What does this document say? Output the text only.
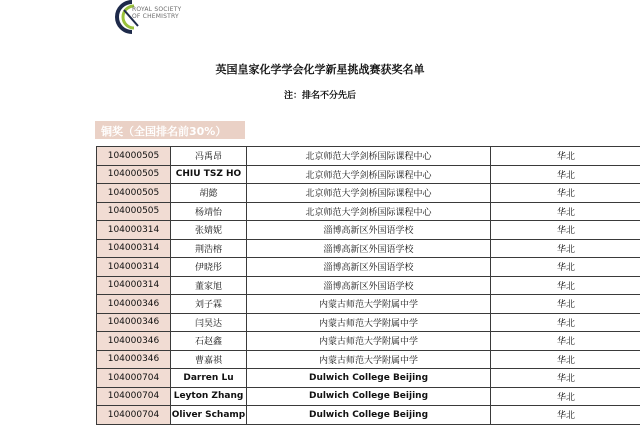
ROYAL SOCIETY
OF CHEMISTRY
英国皇家化学学会化学新星挑战赛获奖名单
注：排名不分先后
铜奖（全国排名前30%）
104000505	冯禹昂	北京师范大学剑桥国际课程中心	华北
104000505	CHIU TSZ HO	北京师范大学剑桥国际课程中心	华北
104000505	胡懿	北京师范大学剑桥国际课程中心	华北
104000505	杨靖怡	北京师范大学剑桥国际课程中心	华北
104000314	张婧妮	淄博高新区外国语学校	华北
104000314	荆浩榕	淄博高新区外国语学校	华北
104000314	伊晓彤	淄博高新区外国语学校	华北
104000314	董家旭	淄博高新区外国语学校	华北
104000346	刘子霖	内蒙古师范大学附属中学	华北
104000346	闫昊达	内蒙古师范大学附属中学	华北
104000346	石赵鑫	内蒙古师范大学附属中学	华北
104000346	曹嘉祺	内蒙古师范大学附属中学	华北
104000704	Darren Lu	Dulwich College Beijing	华北
104000704	Leyton Zhang	Dulwich College Beijing	华北
104000704	Oliver Schamp	Dulwich College Beijing	华北
